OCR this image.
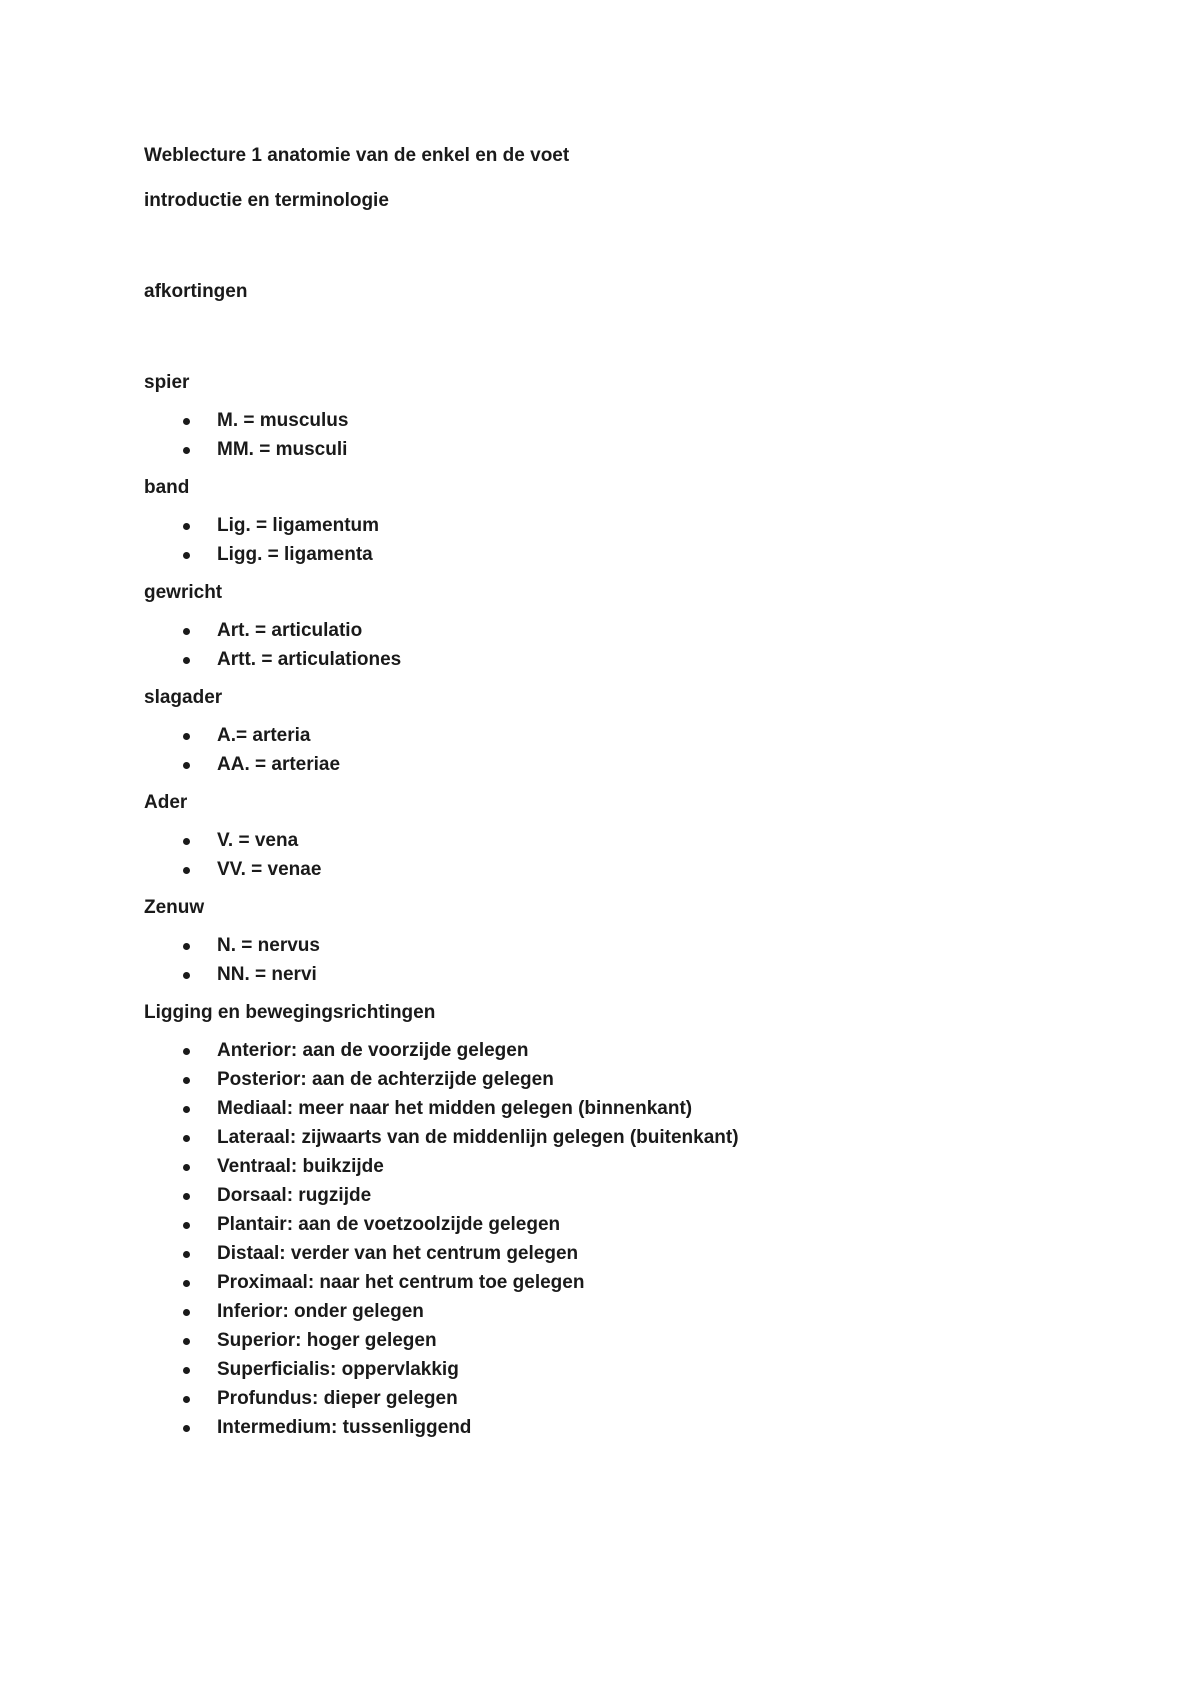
Weblecture 1 anatomie van de enkel en de voet

introductie en terminologie

afkortingen

spier

M. = musculus
MM. = musculi

band

Lig. = ligamentum
Ligg. = ligamenta

gewricht

Art. = articulatio
Artt. = articulationes

slagader

A.= arteria
AA. = arteriae

Ader

V. = vena
VV. = venae

Zenuw

N. = nervus
NN. = nervi

Ligging en bewegingsrichtingen

Anterior: aan de voorzijde gelegen
Posterior: aan de achterzijde gelegen
Mediaal: meer naar het midden gelegen (binnenkant)
Lateraal: zijwaarts van de middenlijn gelegen (buitenkant)
Ventraal: buikzijde
Dorsaal: rugzijde
Plantair: aan de voetzoolzijde gelegen
Distaal: verder van het centrum gelegen
Proximaal: naar het centrum toe gelegen
Inferior: onder gelegen
Superior: hoger gelegen
Superficialis: oppervlakkig
Profundus: dieper gelegen
Intermedium: tussenliggend
